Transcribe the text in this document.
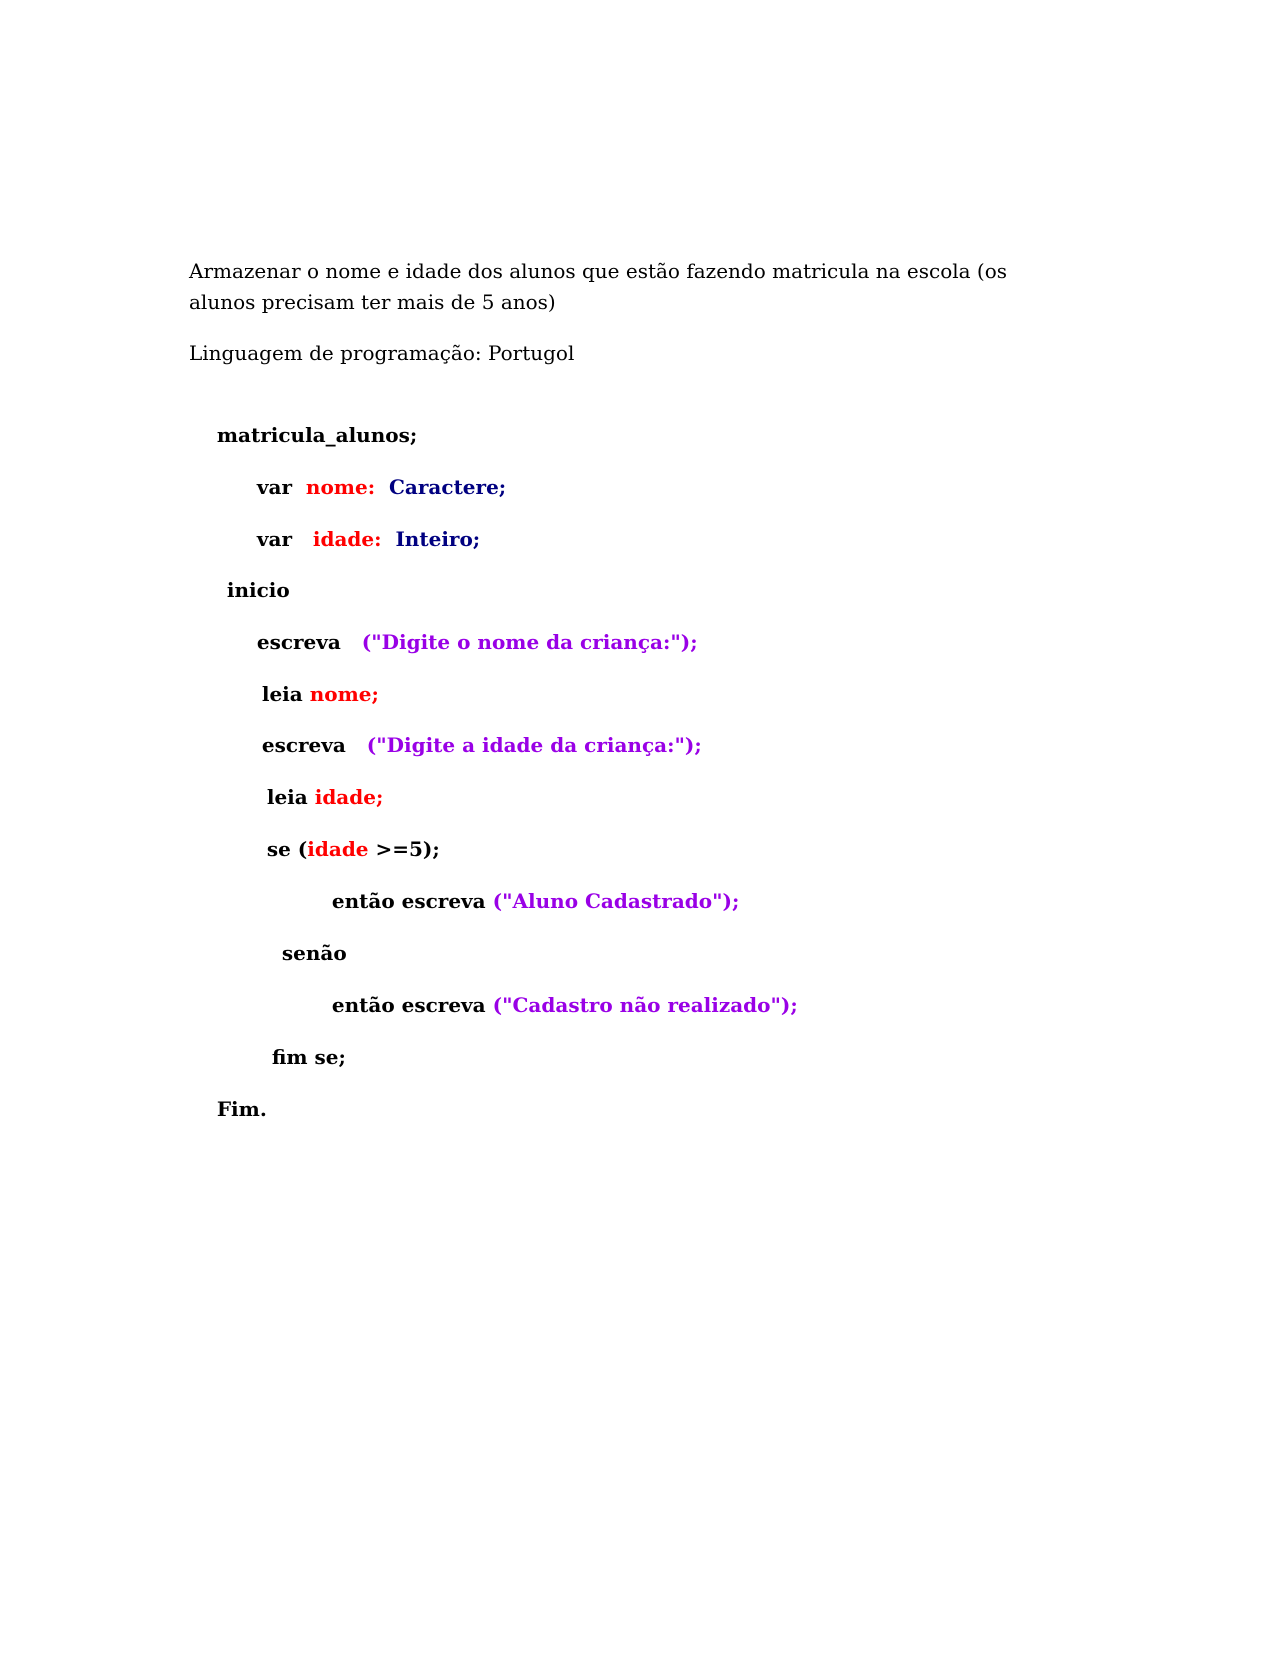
Armazenar o nome e idade dos alunos que estão fazendo matricula na escola (os alunos precisam ter mais de 5 anos)

Linguagem de programação: Portugol

matricula_alunos;

var nome: Caractere;

var idade: Inteiro;

inicio

escreva ("Digite o nome da criança:");

leia nome;

escreva ("Digite a idade da criança:");

leia idade;

se (idade >=5);

então escreva ("Aluno Cadastrado");

senão

então escreva ("Cadastro não realizado");

fim se;

Fim.
